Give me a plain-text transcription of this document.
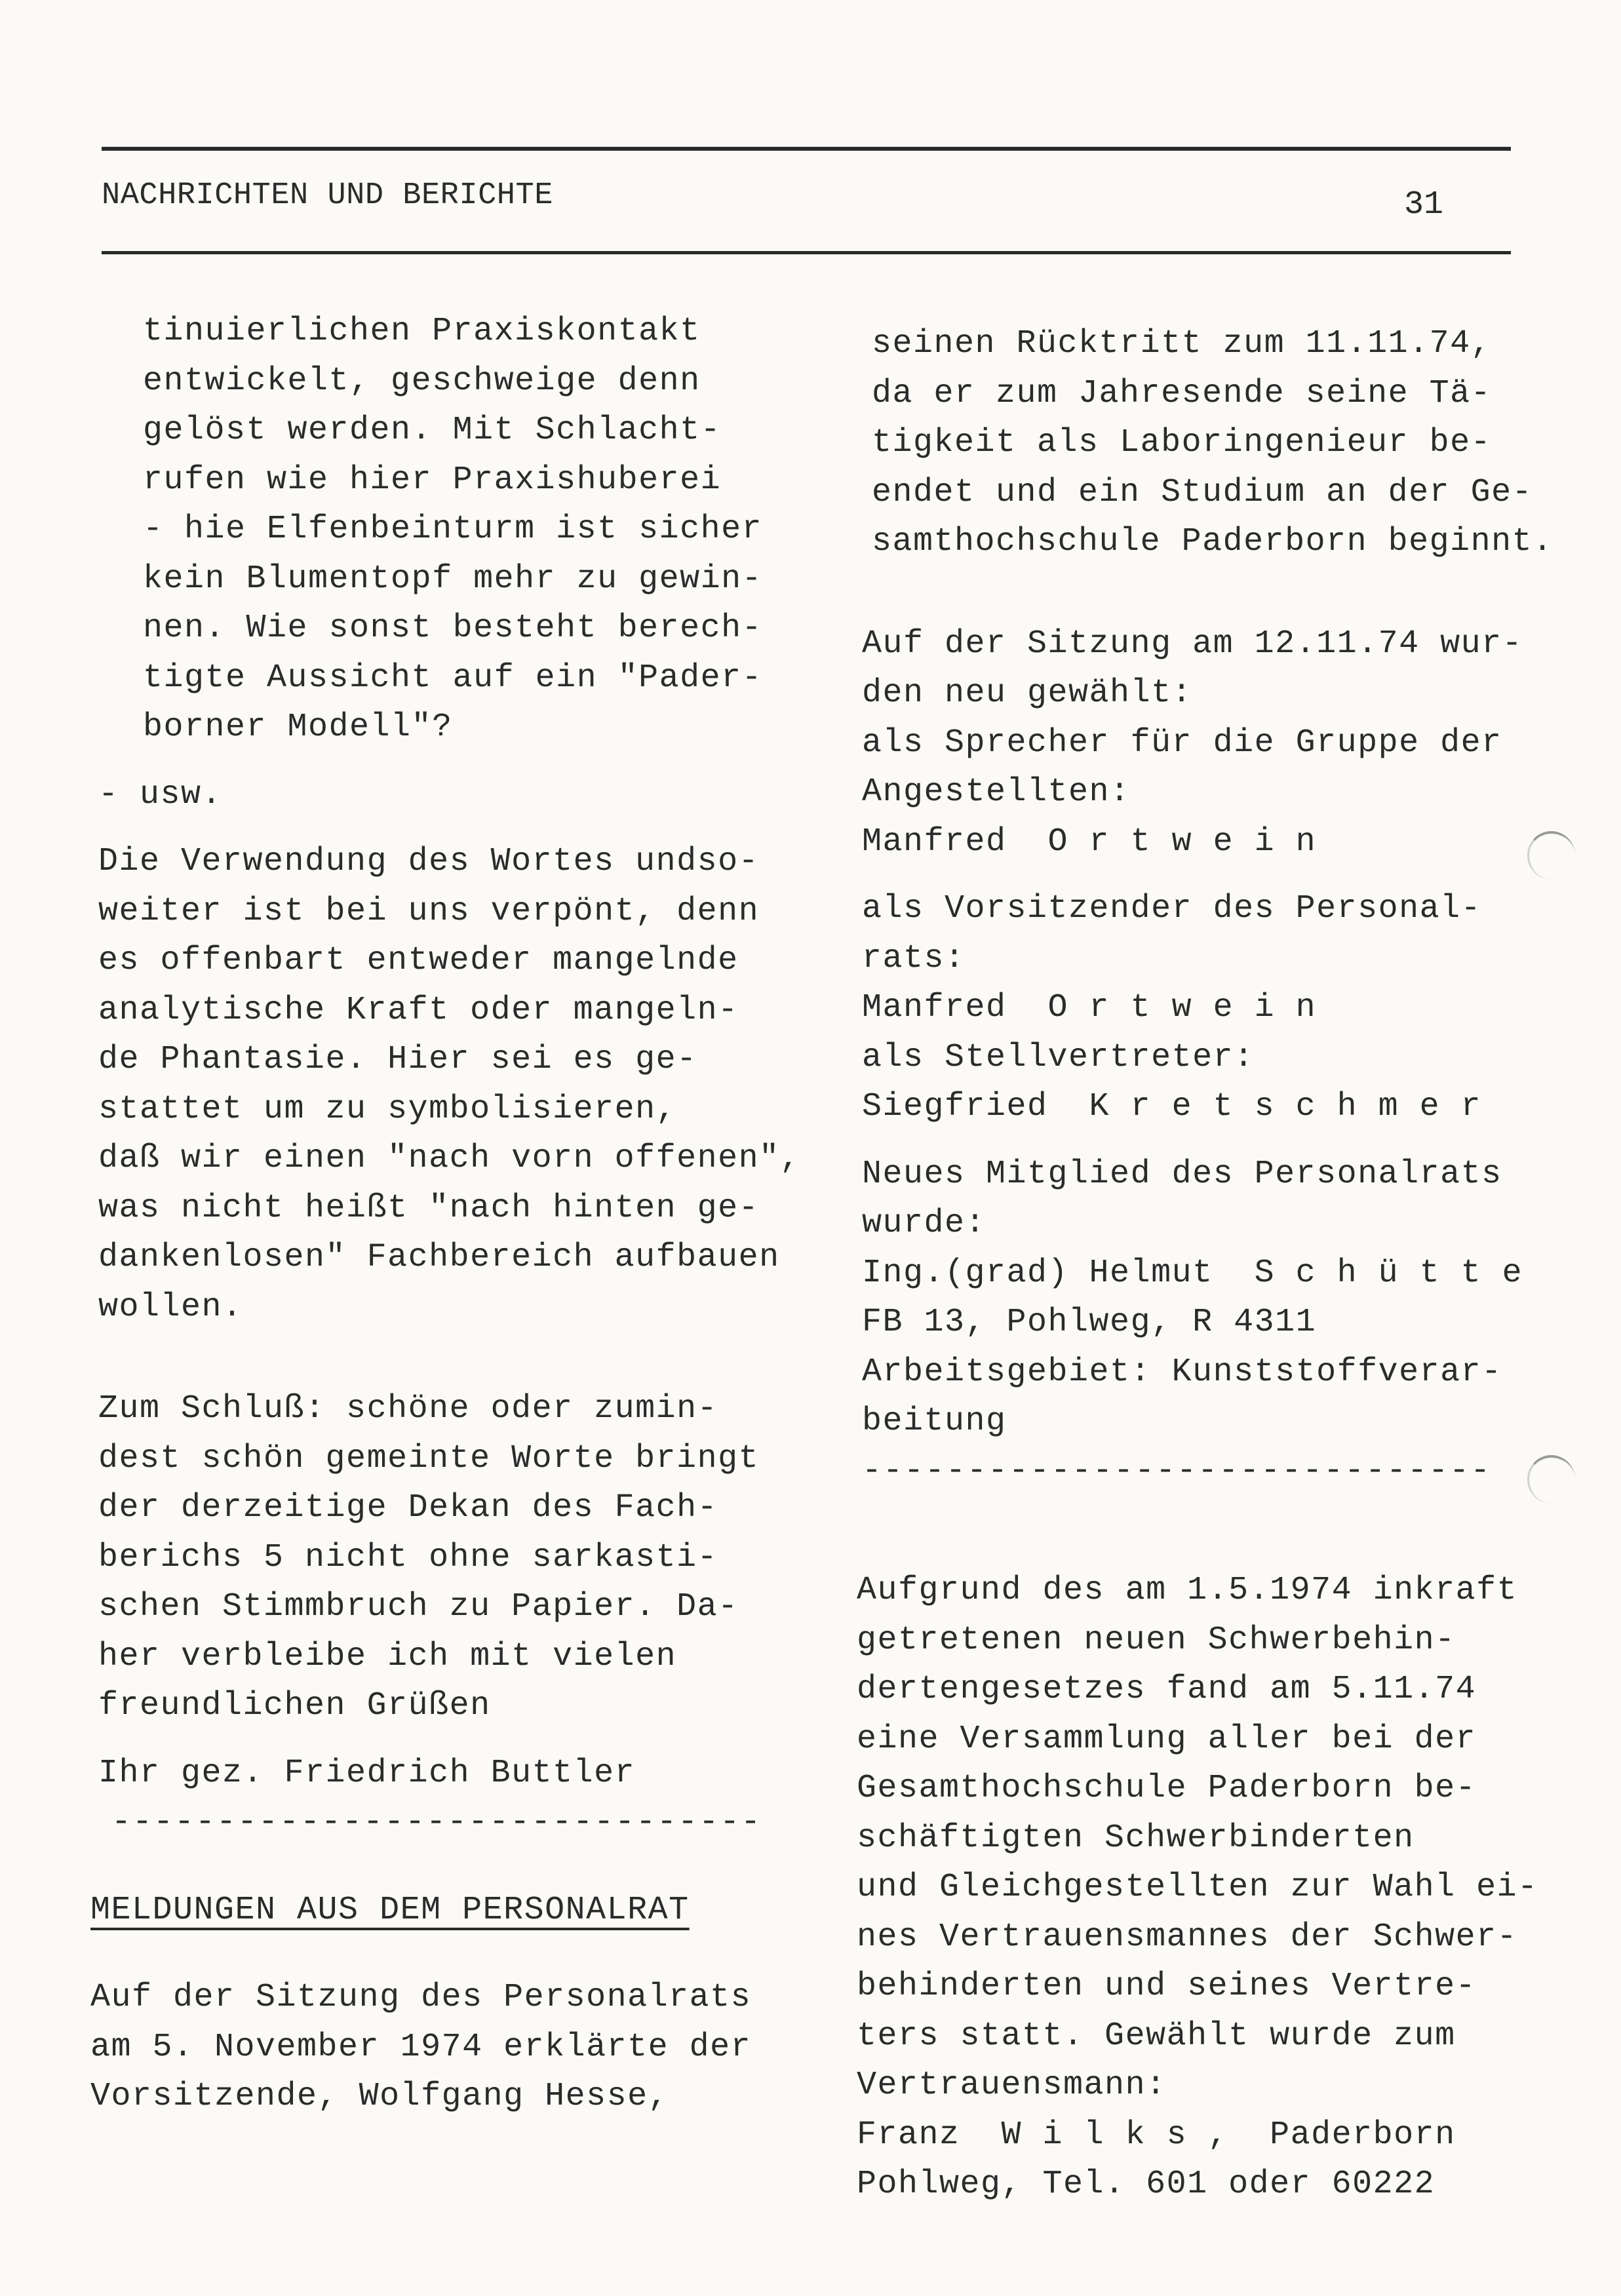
NACHRICHTEN UND BERICHTE	31
tinuierlichen Praxiskontakt
entwickelt, geschweige denn
gelöst werden. Mit Schlacht-
rufen wie hier Praxishuberei
- hie Elfenbeinturm ist sicher
kein Blumentopf mehr zu gewin-
nen. Wie sonst besteht berech-
tigte Aussicht auf ein "Pader-
borner Modell"?
- usw.
Die Verwendung des Wortes undso-
weiter ist bei uns verpönt, denn
es offenbart entweder mangelnde
analytische Kraft oder mangeln-
de Phantasie. Hier sei es ge-
stattet um zu symbolisieren,
daß wir einen "nach vorn offenen",
was nicht heißt "nach hinten ge-
dankenlosen" Fachbereich aufbauen
wollen.
Zum Schluß: schöne oder zumin-
dest schön gemeinte Worte bringt
der derzeitige Dekan des Fach-
berichs 5 nicht ohne sarkasti-
schen Stimmbruch zu Papier. Da-
her verbleibe ich mit vielen
freundlichen Grüßen
Ihr gez. Friedrich Buttler
-------------------------------
MELDUNGEN AUS DEM PERSONALRAT
Auf der Sitzung des Personalrats
am 5. November 1974 erklärte der
Vorsitzende, Wolfgang Hesse,
seinen Rücktritt zum 11.11.74,
da er zum Jahresende seine Tä-
tigkeit als Laboringenieur be-
endet und ein Studium an der Ge-
samthochschule Paderborn beginnt.
Auf der Sitzung am 12.11.74 wur-
den neu gewählt:
als Sprecher für die Gruppe der
Angestellten:
Manfred  O r t w e i n
als Vorsitzender des Personal-
rats:
Manfred  O r t w e i n
als Stellvertreter:
Siegfried  K r e t s c h m e r
Neues Mitglied des Personalrats
wurde:
Ing.(grad) Helmut  S c h ü t t e
FB 13, Pohlweg, R 4311
Arbeitsgebiet: Kunststoffverar-
beitung
------------------------------
Aufgrund des am 1.5.1974 inkraft
getretenen neuen Schwerbehin-
dertengesetzes fand am 5.11.74
eine Versammlung aller bei der
Gesamthochschule Paderborn be-
schäftigten Schwerbinderten
und Gleichgestellten zur Wahl ei-
nes Vertrauensmannes der Schwer-
behinderten und seines Vertre-
ters statt. Gewählt wurde zum
Vertrauensmann:
Franz  W i l k s ,  Paderborn
Pohlweg, Tel. 601 oder 60222
